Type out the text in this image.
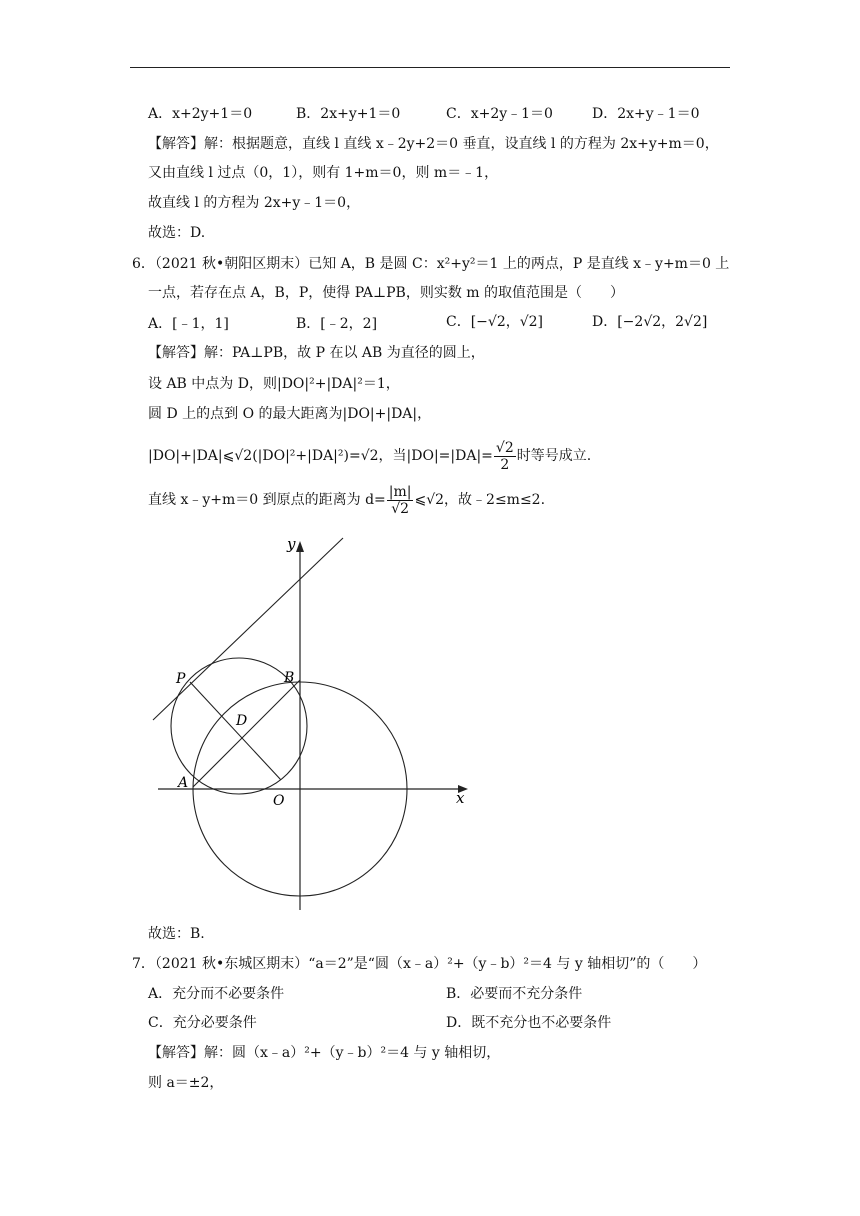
A．x+2y+1＝0	B．2x+y+1＝0	C．x+2y﹣1＝0	D．2x+y﹣1＝0
【解答】解：根据题意，直线 l 直线 x﹣2y+2＝0 垂直，设直线 l 的方程为 2x+y+m＝0，
又由直线 l 过点（0，1），则有 1+m＝0，则 m＝﹣1，
故直线 l 的方程为 2x+y﹣1＝0，
故选：D.
6．（2021 秋•朝阳区期末）已知 A，B 是圆 C：x²+y²＝1 上的两点，P 是直线 x﹣y+m＝0 上
一点，若存在点 A，B，P，使得 PA⊥PB，则实数 m 的取值范围是（　　）
A．[﹣1，1]	B．[﹣2，2]	C．[−√2，√2]	D．[−2√2，2√2]
【解答】解：PA⊥PB，故 P 在以 AB 为直径的圆上，
设 AB 中点为 D，则|DO|²+|DA|²＝1，
圆 D 上的点到 O 的最大距离为|DO|+|DA|，
|DO|+|DA|⩽√2(|DO|²+|DA|²)=√2，当$|DO|=|DA|= \frac{√2}{2}$ 时等号成立.
直线 x﹣y+m＝0 到原点的距离为 $d= \frac{|m|}{√2}$ ⩽√2，故﹣2≤m≤2.
y
x
P	B
D
A
O
故选：B.
7．（2021 秋•东城区期末）“a＝2”是“圆（x﹣a）²+（y﹣b）²＝4 与 y 轴相切”的（　　）
A．充分而不必要条件	B．必要而不充分条件
C．充分必要条件	D．既不充分也不必要条件
【解答】解：圆（x﹣a）²+（y﹣b）²＝4 与 y 轴相切，
则 a＝±2，
